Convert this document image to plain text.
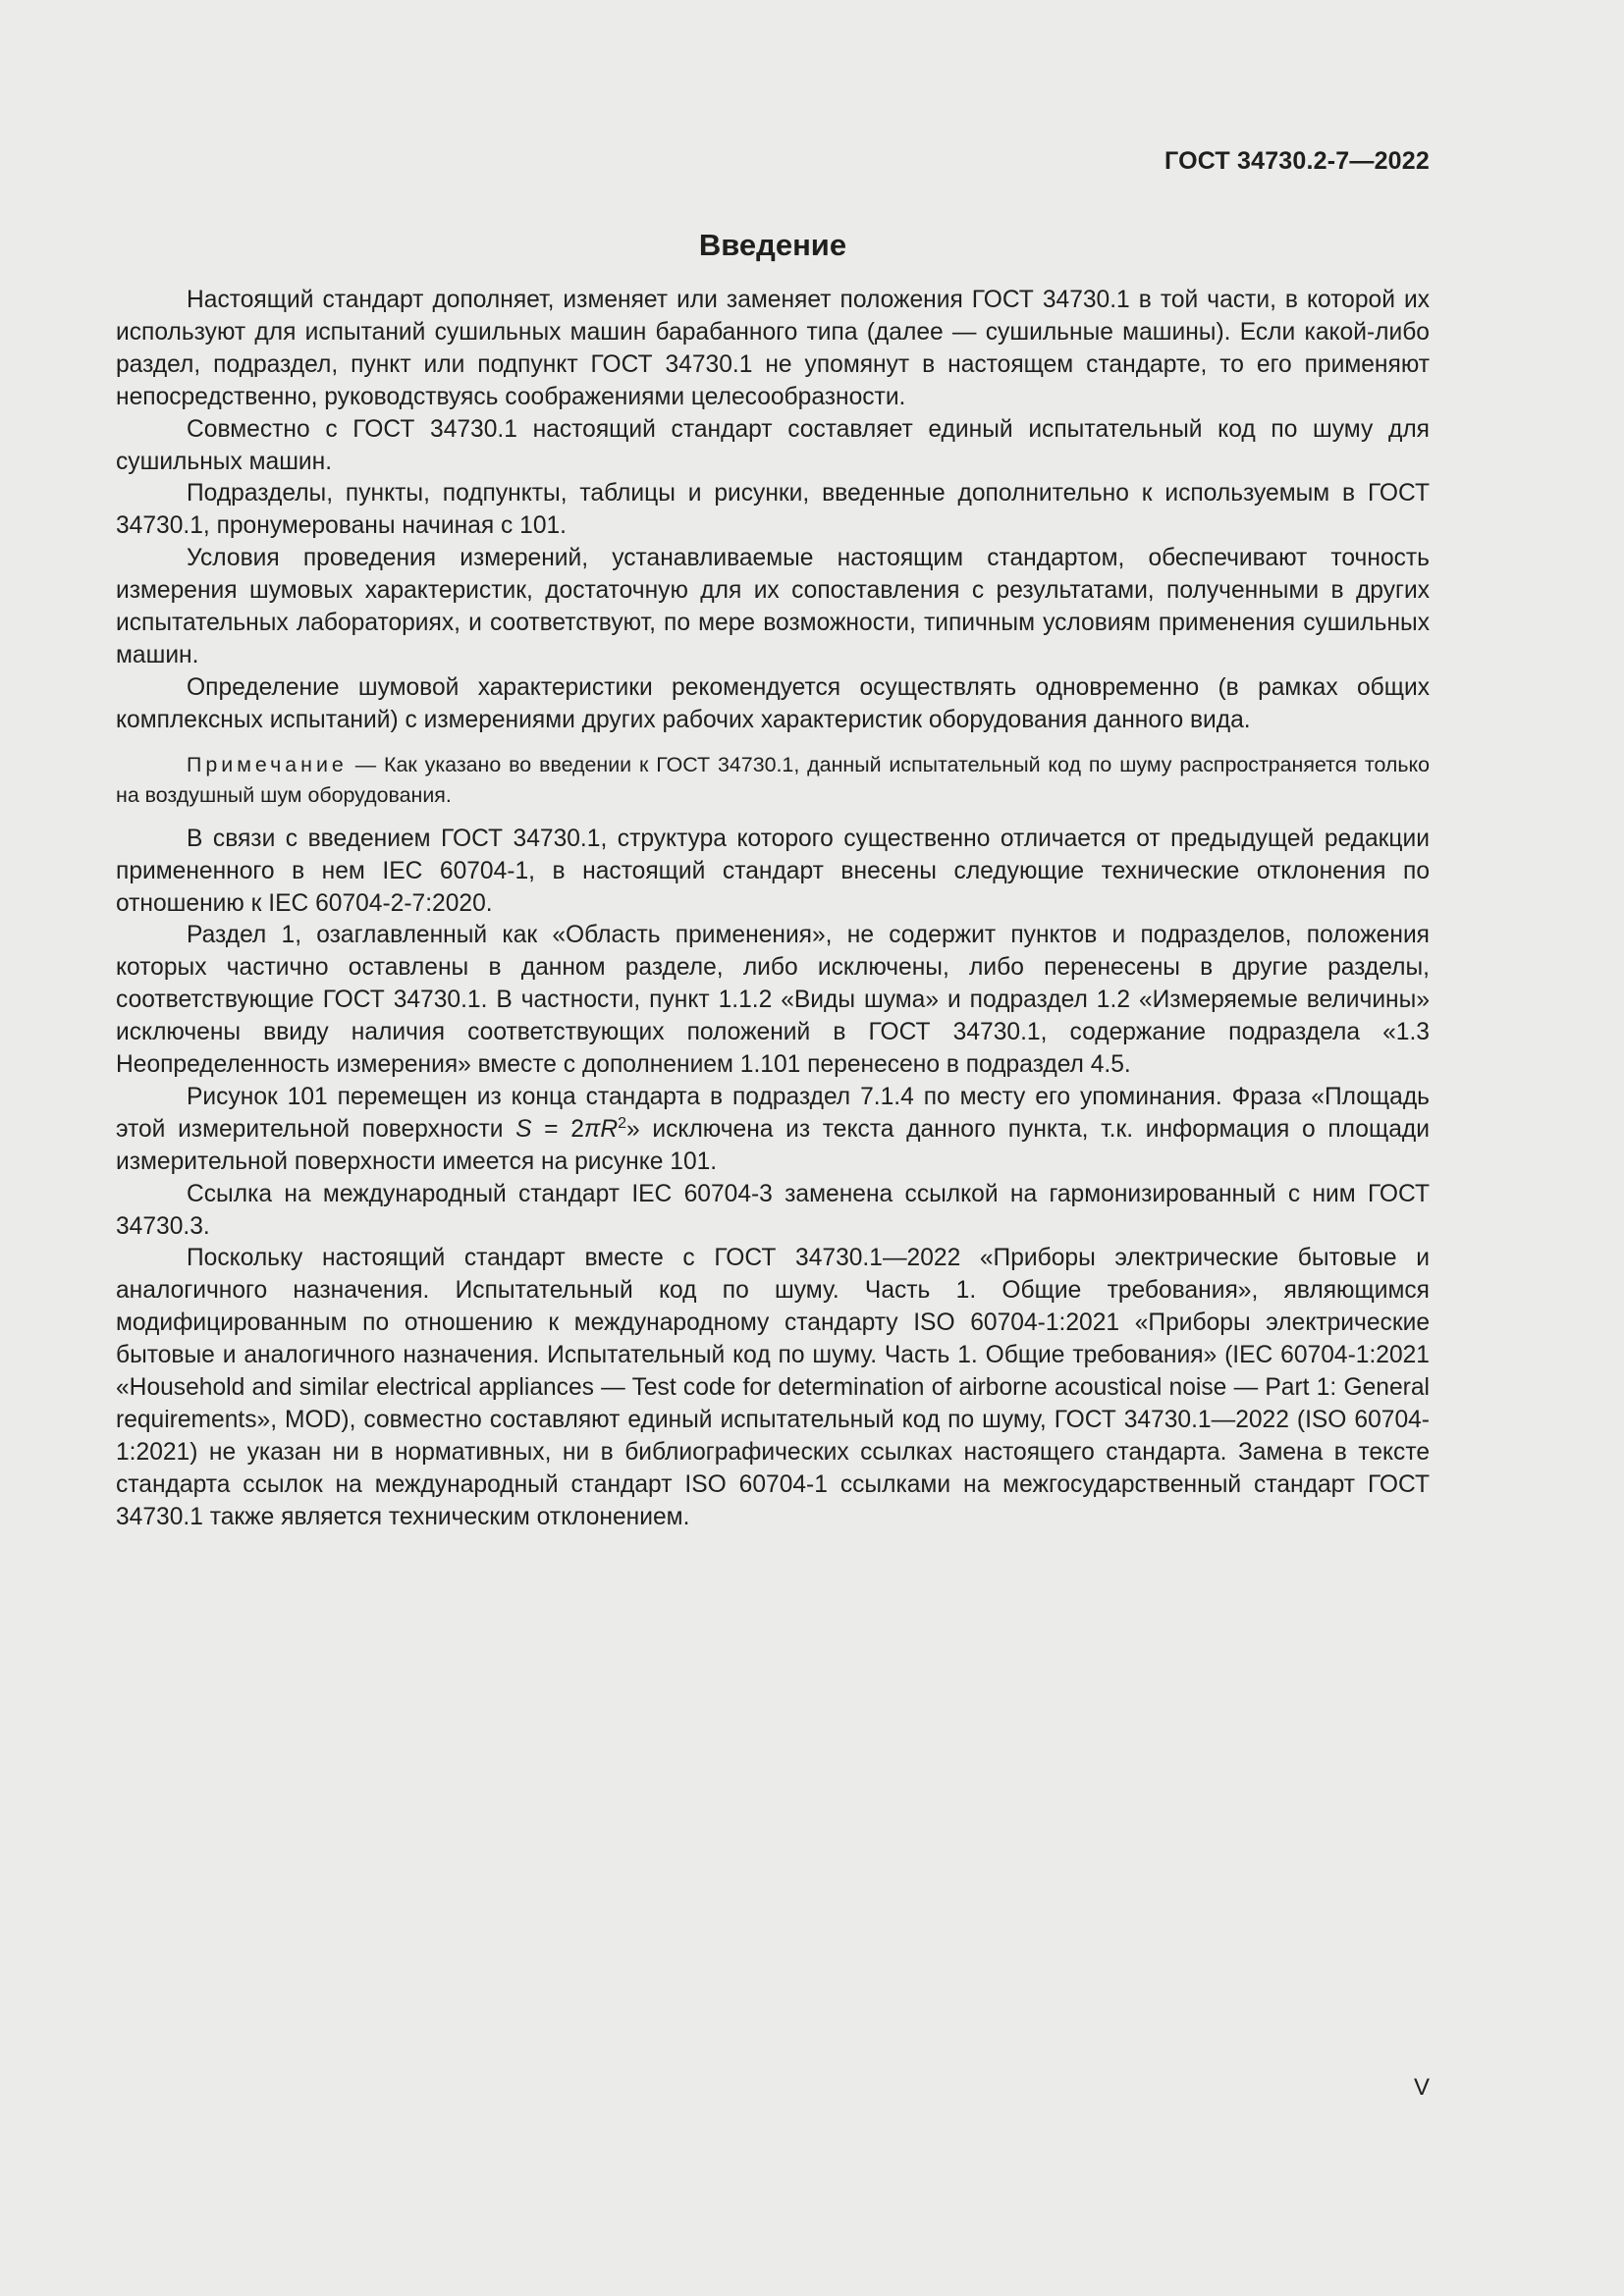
ГОСТ 34730.2-7—2022
Введение

Настоящий стандарт дополняет, изменяет или заменяет положения ГОСТ 34730.1 в той части, в которой их используют для испытаний сушильных машин барабанного типа (далее — сушильные машины). Если какой-либо раздел, подраздел, пункт или подпункт ГОСТ 34730.1 не упомянут в настоящем стандарте, то его применяют непосредственно, руководствуясь соображениями целесообразности.

Совместно с ГОСТ 34730.1 настоящий стандарт составляет единый испытательный код по шуму для сушильных машин.

Подразделы, пункты, подпункты, таблицы и рисунки, введенные дополнительно к используемым в ГОСТ 34730.1, пронумерованы начиная с 101.

Условия проведения измерений, устанавливаемые настоящим стандартом, обеспечивают точность измерения шумовых характеристик, достаточную для их сопоставления с результатами, полученными в других испытательных лабораториях, и соответствуют, по мере возможности, типичным условиям применения сушильных машин.

Определение шумовой характеристики рекомендуется осуществлять одновременно (в рамках общих комплексных испытаний) с измерениями других рабочих характеристик оборудования данного вида.

Примечание — Как указано во введении к ГОСТ 34730.1, данный испытательный код по шуму распространяется только на воздушный шум оборудования.

В связи с введением ГОСТ 34730.1, структура которого существенно отличается от предыдущей редакции примененного в нем IEC 60704-1, в настоящий стандарт внесены следующие технические отклонения по отношению к IEC 60704-2-7:2020.

Раздел 1, озаглавленный как «Область применения», не содержит пунктов и подразделов, положения которых частично оставлены в данном разделе, либо исключены, либо перенесены в другие разделы, соответствующие ГОСТ 34730.1. В частности, пункт 1.1.2 «Виды шума» и подраздел 1.2 «Измеряемые величины» исключены ввиду наличия соответствующих положений в ГОСТ 34730.1, содержание подраздела «1.3 Неопределенность измерения» вместе с дополнением 1.101 перенесено в подраздел 4.5.

Рисунок 101 перемещен из конца стандарта в подраздел 7.1.4 по месту его упоминания. Фраза «Площадь этой измерительной поверхности $S = 2\pi R^2$» исключена из текста данного пункта, т.к. информация о площади измерительной поверхности имеется на рисунке 101.

Ссылка на международный стандарт IEC 60704-3 заменена ссылкой на гармонизированный с ним ГОСТ 34730.3.

Поскольку настоящий стандарт вместе с ГОСТ 34730.1—2022 «Приборы электрические бытовые и аналогичного назначения. Испытательный код по шуму. Часть 1. Общие требования», являющимся модифицированным по отношению к международному стандарту ISO 60704-1:2021 «Приборы электрические бытовые и аналогичного назначения. Испытательный код по шуму. Часть 1. Общие требования» (IEC 60704-1:2021 «Household and similar electrical appliances — Test code for determination of airborne acoustical noise — Part 1: General requirements», MOD), совместно составляют единый испытательный код по шуму, ГОСТ 34730.1—2022 (ISO 60704-1:2021) не указан ни в нормативных, ни в библиографических ссылках настоящего стандарта. Замена в тексте стандарта ссылок на международный стандарт ISO 60704-1 ссылками на межгосударственный стандарт ГОСТ 34730.1 также является техническим отклонением.

V
